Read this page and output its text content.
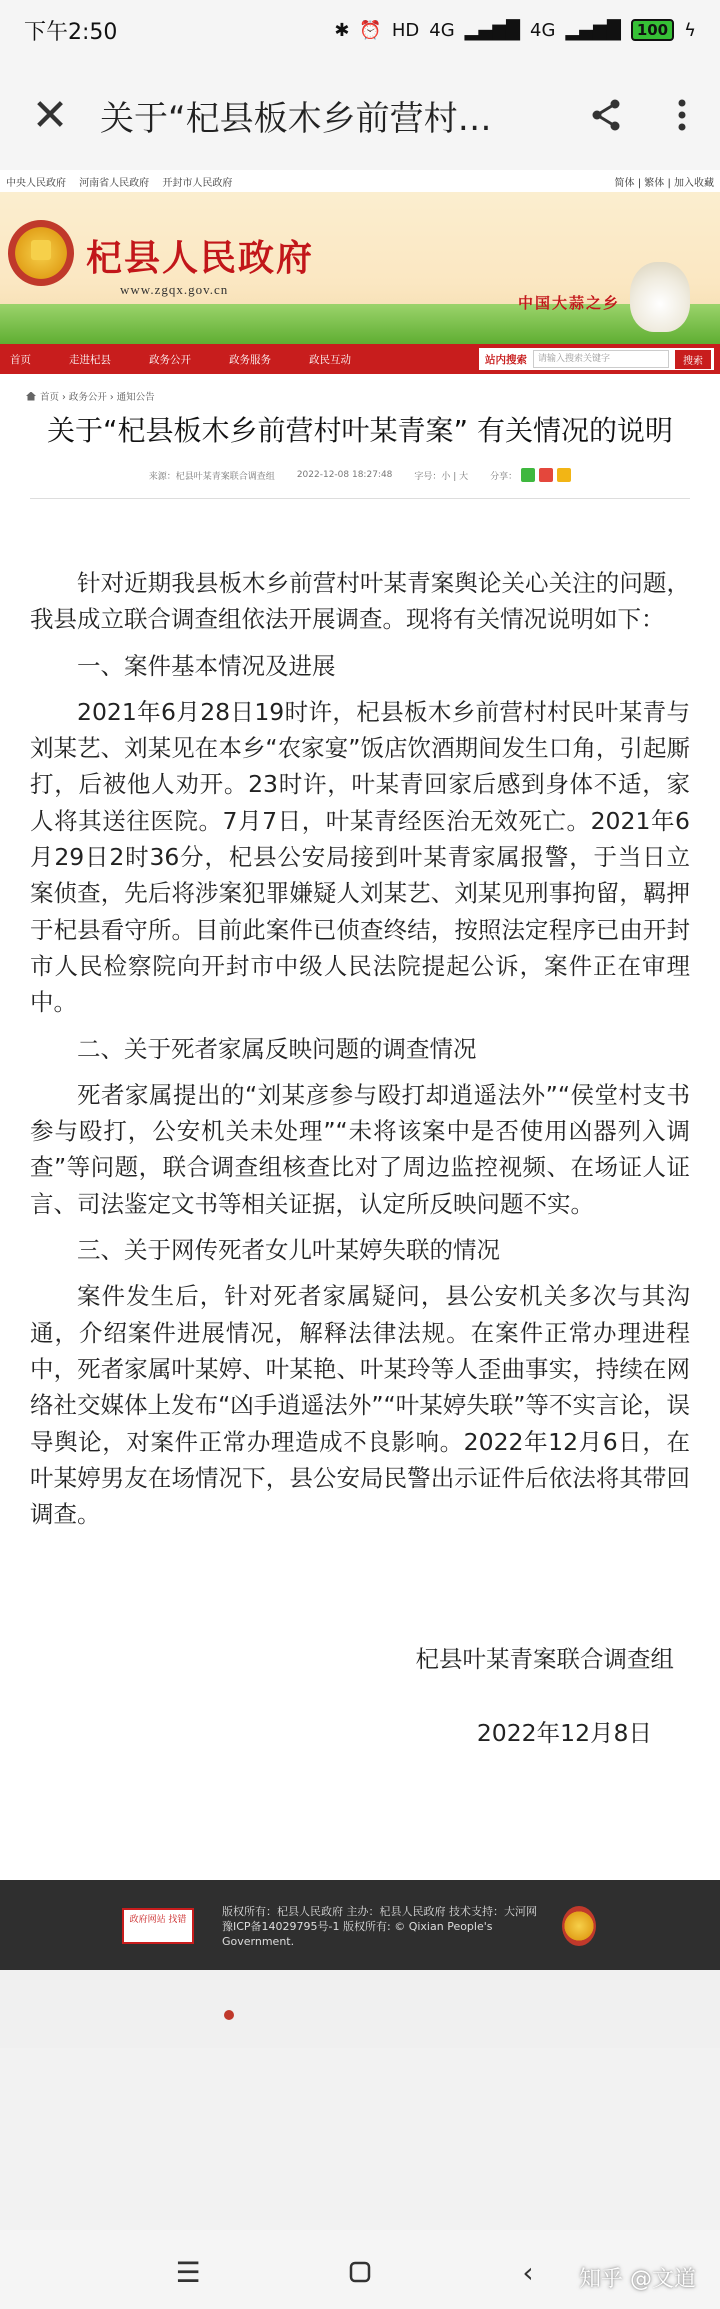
下午2:50	✱ ⏰ HD 4G ▂▄▆█ 4G ▂▄▆█	100 ϟ
✕ 关于“杞县板木乡前营村…
中央人民政府 河南省人民政府 开封市人民政府	简体 | 繁体 | 加入收藏
杞县人民政府
www.zgqx.gov.cn
中国大蒜之乡
首页	走进杞县	政务公开	政务服务	政民互动	站内搜索	请输入搜索关键字	搜索
首页 › 政务公开 › 通知公告
关于“杞县板木乡前营村叶某青案” 有关情况的说明
来源：杞县叶某青案联合调查组 2022-12-08 18:27:48 字号：小 | 大 分享：

针对近期我县板木乡前营村叶某青案舆论关心关注的问题，我县成立联合调查组依法开展调查。现将有关情况说明如下：

一、案件基本情况及进展

2021年6月28日19时许，杞县板木乡前营村村民叶某青与刘某艺、刘某见在本乡“农家宴”饭店饮酒期间发生口角，引起厮打，后被他人劝开。23时许，叶某青回家后感到身体不适，家人将其送往医院。7月7日，叶某青经医治无效死亡。2021年6月29日2时36分，杞县公安局接到叶某青家属报警，于当日立案侦查，先后将涉案犯罪嫌疑人刘某艺、刘某见刑事拘留，羁押于杞县看守所。目前此案件已侦查终结，按照法定程序已由开封市人民检察院向开封市中级人民法院提起公诉，案件正在审理中。

二、关于死者家属反映问题的调查情况

死者家属提出的“刘某彦参与殴打却逍遥法外”“侯堂村支书参与殴打，公安机关未处理”“未将该案中是否使用凶器列入调查”等问题，联合调查组核查比对了周边监控视频、在场证人证言、司法鉴定文书等相关证据，认定所反映问题不实。

三、关于网传死者女儿叶某婷失联的情况

案件发生后，针对死者家属疑问，县公安机关多次与其沟通，介绍案件进展情况，解释法律法规。在案件正常办理进程中，死者家属叶某婷、叶某艳、叶某玲等人歪曲事实，持续在网络社交媒体上发布“凶手逍遥法外”“叶某婷失联”等不实言论，误导舆论，对案件正常办理造成不良影响。2022年12月6日，在叶某婷男友在场情况下，县公安局民警出示证件后依法将其带回调查。

杞县叶某青案联合调查组
2022年12月8日
政府网站 找错
版权所有：杞县人民政府 主办：杞县人民政府 技术支持：大河网
豫ICP备14029795号-1 版权所有: © Qixian People's Government.
☰	‹ 知乎 @文道
